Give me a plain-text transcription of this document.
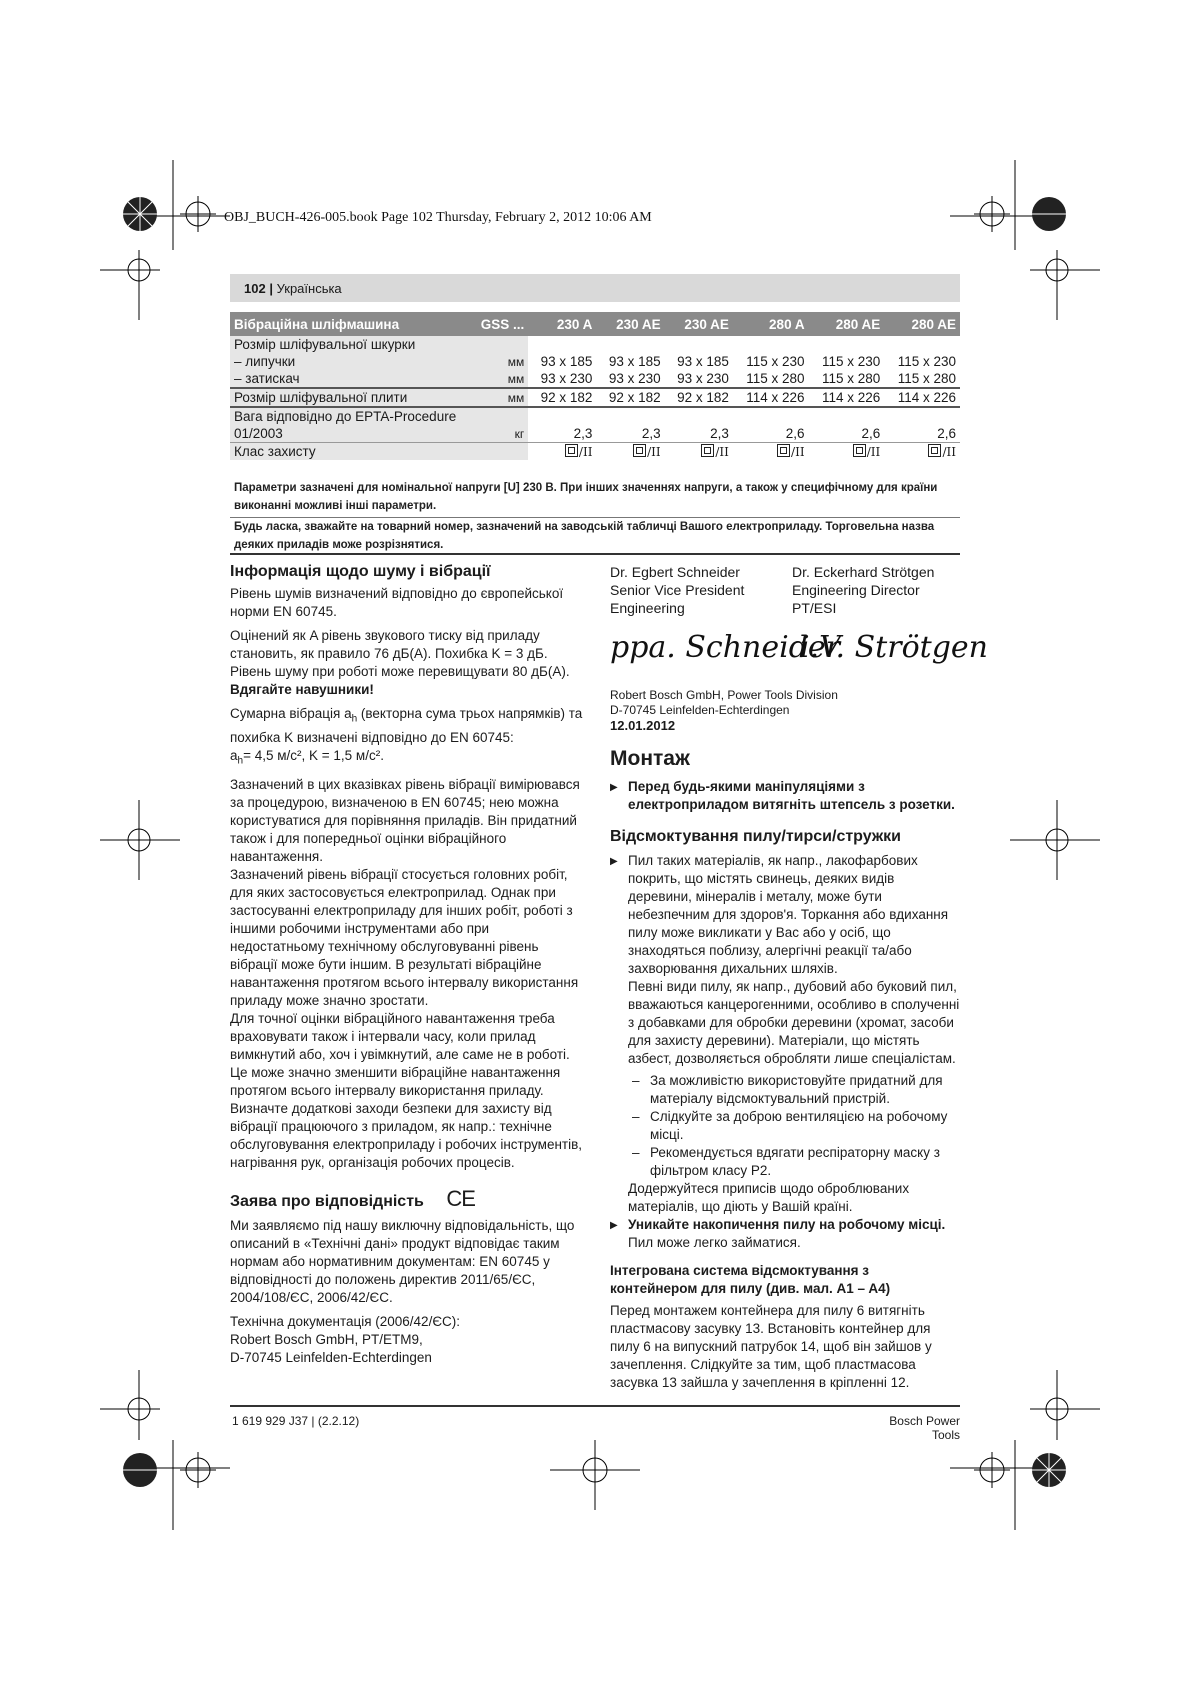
OBJ_BUCH-426-005.book Page 102 Thursday, February 2, 2012 10:06 AM
102 | Українська
Вібраційна шліфмашина	GSS ...	230 A	230 AE	230 AE	280 A	280 AE	280 AE
Розмір шліфувальної шкурки							
– липучки	мм	93 x 185	93 x 185	93 x 185	115 x 230	115 x 230	115 x 230
– затискач	мм	93 x 230	93 x 230	93 x 230	115 x 280	115 x 280	115 x 280
Розмір шліфувальної плити	мм	92 x 182	92 x 182	92 x 182	114 x 226	114 x 226	114 x 226
Вага відповідно до EPTA-Procedure							
01/2003	кг	2,3	2,3	2,3	2,6	2,6	2,6
Клас захисту		/II	/II	/II	/II	/II	/II
Параметри зазначені для номінальної напруги [U] 230 В. При інших значеннях напруги, а також у специфічному для країни виконанні можливі інші параметри.
Будь ласка, зважайте на товарний номер, зазначений на заводській табличці Вашого електроприладу. Торговельна назва деяких приладів може розрізнятися.
Інформація щодо шуму і вібрації

Рівень шумів визначений відповідно до європейської норми EN 60745.

Оцінений як A рівень звукового тиску від приладу становить, як правило 76 дБ(A). Похибка K = 3 дБ.

Рівень шуму при роботі може перевищувати 80 дБ(A).

Вдягайте навушники!

Сумарна вібрація $a_h$ (векторна сума трьох напрямків) та похибка K визначені відповідно до EN 60745:

$a_h= 4,5$ м/с², K = 1,5 м/с².

Зазначений в цих вказівках рівень вібрації вимірювався за процедурою, визначеною в EN 60745; нею можна користуватися для порівняння приладів. Він придатний також і для попередньої оцінки вібраційного навантаження.

Зазначений рівень вібрації стосується головних робіт, для яких застосовується електроприлад. Однак при застосуванні електроприладу для інших робіт, роботі з іншими робочими інструментами або при недостатньому технічному обслуговуванні рівень вібрації може бути іншим. В результаті вібраційне навантаження протягом всього інтервалу використання приладу може значно зростати.

Для точної оцінки вібраційного навантаження треба враховувати також і інтервали часу, коли прилад вимкнутий або, хоч і увімкнутий, але саме не в роботі. Це може значно зменшити вібраційне навантаження протягом всього інтервалу використання приладу.

Визначте додаткові заходи безпеки для захисту від вібрації працюючого з приладом, як напр.: технічне обслуговування електроприладу і робочих інструментів, нагрівання рук, організація робочих процесів.

Заява про відповідність CE

Ми заявляємо під нашу виключну відповідальність, що описаний в «Технічні дані» продукт відповідає таким нормам або нормативним документам: EN 60745 у відповідності до положень директив 2011/65/ЄС, 2004/108/ЄС, 2006/42/ЄС.

Технічна документація (2006/42/ЄС):

Robert Bosch GmbH, PT/ETM9,

D-70745 Leinfelden-Echterdingen

Dr. Egbert Schneider
Senior Vice President
Engineering
Dr. Eckerhard Strötgen
Engineering Director
PT/ESI
ppa. Schneider
i.V. Strötgen
Robert Bosch GmbH, Power Tools Division
D-70745 Leinfelden-Echterdingen
12.01.2012
Монтаж

▶ Перед будь-якими маніпуляціями з електроприладом витягніть штепсель з розетки.

Відсмоктування пилу/тирси/стружки

▶ Пил таких матеріалів, як напр., лакофарбових покрить, що містять свинець, деяких видів деревини, мінералів і металу, може бути небезпечним для здоров'я. Торкання або вдихання пилу може викликати у Вас або у осіб, що знаходяться поблизу, алергічні реакції та/або захворювання дихальних шляхів.

Певні види пилу, як напр., дубовий або буковий пил, вважаються канцерогенними, особливо в сполученні з добавками для обробки деревини (хромат, засоби для захисту деревини). Матеріали, що містять азбест, дозволяється обробляти лише спеціалістам.

– За можливістю використовуйте придатний для матеріалу відсмоктувальний пристрій.

– Слідкуйте за доброю вентиляцією на робочому місці.

– Рекомендується вдягати респіраторну маску з фільтром класу P2.

Додержуйтеся приписів щодо оброблюваних матеріалів, що діють у Вашій країні.

▶ Уникайте накопичення пилу на робочому місці. Пил може легко займатися.

Інтегрована система відсмоктування з контейнером для пилу (див. мал. A1 – A4)

Перед монтажем контейнера для пилу 6 витягніть пластмасову засувку 13. Встановіть контейнер для пилу 6 на випускний патрубок 14, щоб він зайшов у зачеплення. Слідкуйте за тим, щоб пластмасова засувка 13 зайшла у зачеплення в кріпленні 12.

1 619 929 J37 | (2.2.12)	Bosch Power Tools
